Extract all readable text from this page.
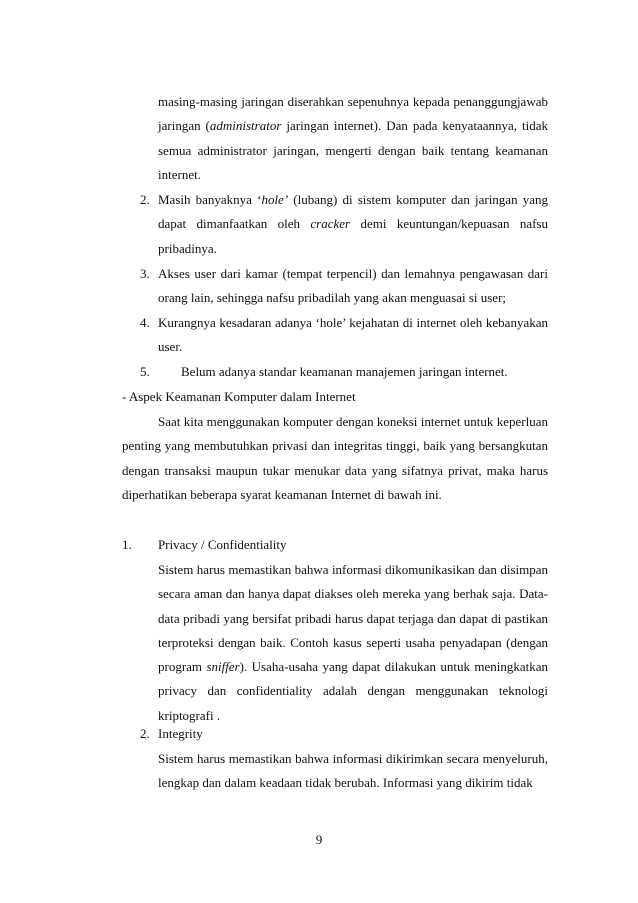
masing-masing jaringan diserahkan sepenuhnya kepada penanggungjawab jaringan (administrator jaringan internet). Dan pada kenyataannya, tidak semua administrator jaringan, mengerti dengan baik tentang keamanan internet.
2. Masih banyaknya ‘hole’ (lubang) di sistem komputer dan jaringan yang dapat dimanfaatkan oleh cracker demi keuntungan/kepuasan nafsu pribadinya.
3. Akses user dari kamar (tempat terpencil) dan lemahnya pengawasan dari orang lain, sehingga nafsu pribadilah yang akan menguasai si user;
4. Kurangnya kesadaran adanya ‘hole’ kejahatan di internet oleh kebanyakan user.
5. Belum adanya standar keamanan manajemen jaringan internet.
- Aspek Keamanan Komputer dalam Internet
Saat kita menggunakan komputer dengan koneksi internet untuk keperluan penting yang membutuhkan privasi dan integritas tinggi, baik yang bersangkutan dengan transaksi maupun tukar menukar data yang sifatnya privat, maka harus diperhatikan beberapa syarat keamanan Internet di bawah ini.
1. Privacy / Confidentiality
Sistem harus memastikan bahwa informasi dikomunikasikan dan disimpan secara aman dan hanya dapat diakses oleh mereka yang berhak saja. Data-data pribadi yang bersifat pribadi harus dapat terjaga dan dapat di pastikan terproteksi dengan baik. Contoh kasus seperti usaha penyadapan (dengan program sniffer). Usaha-usaha yang dapat dilakukan untuk meningkatkan privacy dan confidentiality adalah dengan menggunakan teknologi kriptografi .
2. Integrity
Sistem harus memastikan bahwa informasi dikirimkan secara menyeluruh, lengkap dan dalam keadaan tidak berubah. Informasi yang dikirim tidak
9
